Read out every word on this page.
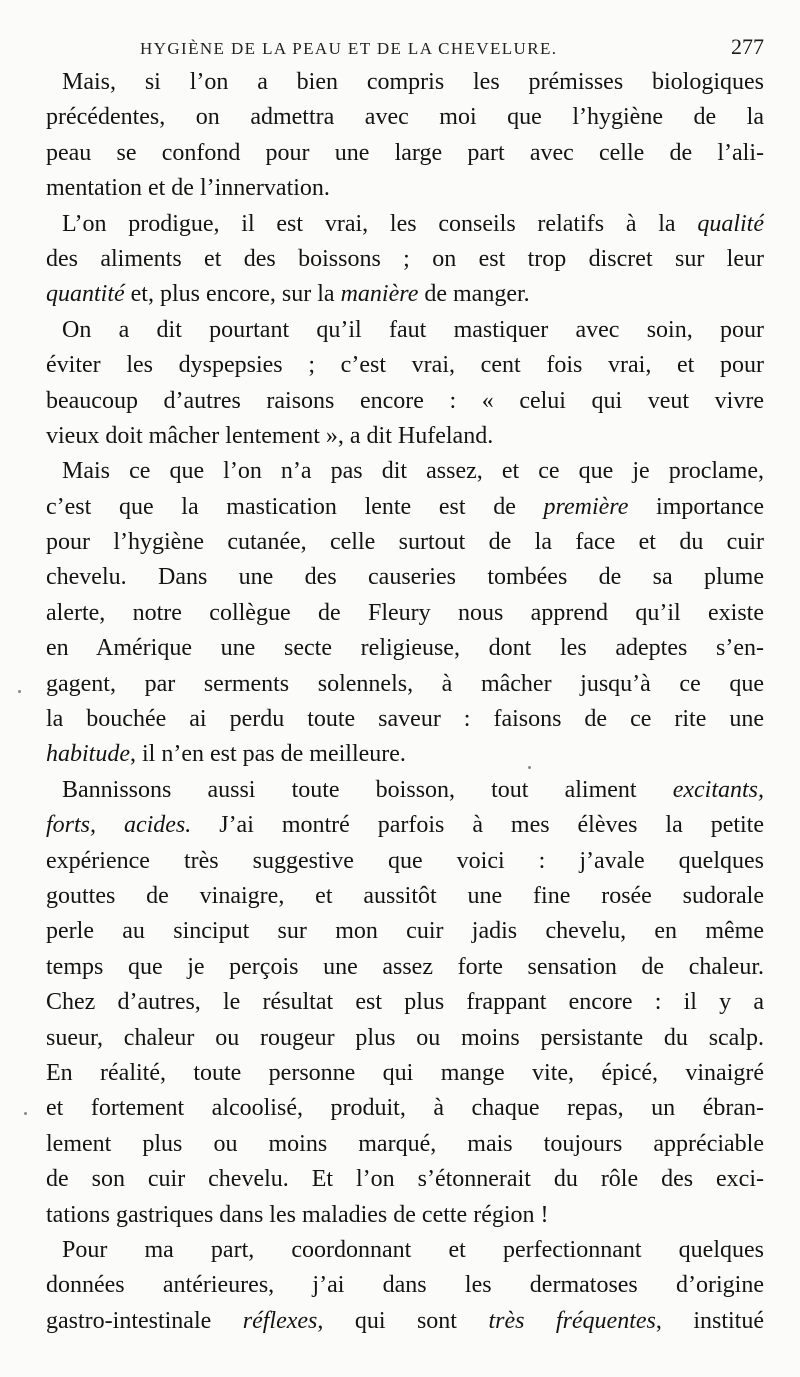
HYGIÈNE DE LA PEAU ET DE LA CHEVELURE.	277
Mais, si l’on a bien compris les prémisses biologiques
précédentes, on admettra avec moi que l’hygiène de la
peau se confond pour une large part avec celle de l’ali-
mentation et de l’innervation.
L’on prodigue, il est vrai, les conseils relatifs à la qualité
des aliments et des boissons ; on est trop discret sur leur
quantité et, plus encore, sur la manière de manger.
On a dit pourtant qu’il faut mastiquer avec soin, pour
éviter les dyspepsies ; c’est vrai, cent fois vrai, et pour
beaucoup d’autres raisons encore : « celui qui veut vivre
vieux doit mâcher lentement », a dit Hufeland.
Mais ce que l’on n’a pas dit assez, et ce que je proclame,
c’est que la mastication lente est de première importance
pour l’hygiène cutanée, celle surtout de la face et du cuir
chevelu. Dans une des causeries tombées de sa plume
alerte, notre collègue de Fleury nous apprend qu’il existe
en Amérique une secte religieuse, dont les adeptes s’en-
gagent, par serments solennels, à mâcher jusqu’à ce que
la bouchée ai perdu toute saveur : faisons de ce rite une
habitude, il n’en est pas de meilleure.
Bannissons aussi toute boisson, tout aliment excitants,
forts, acides. J’ai montré parfois à mes élèves la petite
expérience très suggestive que voici : j’avale quelques
gouttes de vinaigre, et aussitôt une fine rosée sudorale
perle au sinciput sur mon cuir jadis chevelu, en même
temps que je perçois une assez forte sensation de chaleur.
Chez d’autres, le résultat est plus frappant encore : il y a
sueur, chaleur ou rougeur plus ou moins persistante du scalp.
En réalité, toute personne qui mange vite, épicé, vinaigré
et fortement alcoolisé, produit, à chaque repas, un ébran-
lement plus ou moins marqué, mais toujours appréciable
de son cuir chevelu. Et l’on s’étonnerait du rôle des exci-
tations gastriques dans les maladies de cette région !
Pour ma part, coordonnant et perfectionnant quelques
données antérieures, j’ai dans les dermatoses d’origine
gastro-intestinale réflexes, qui sont très fréquentes, institué
